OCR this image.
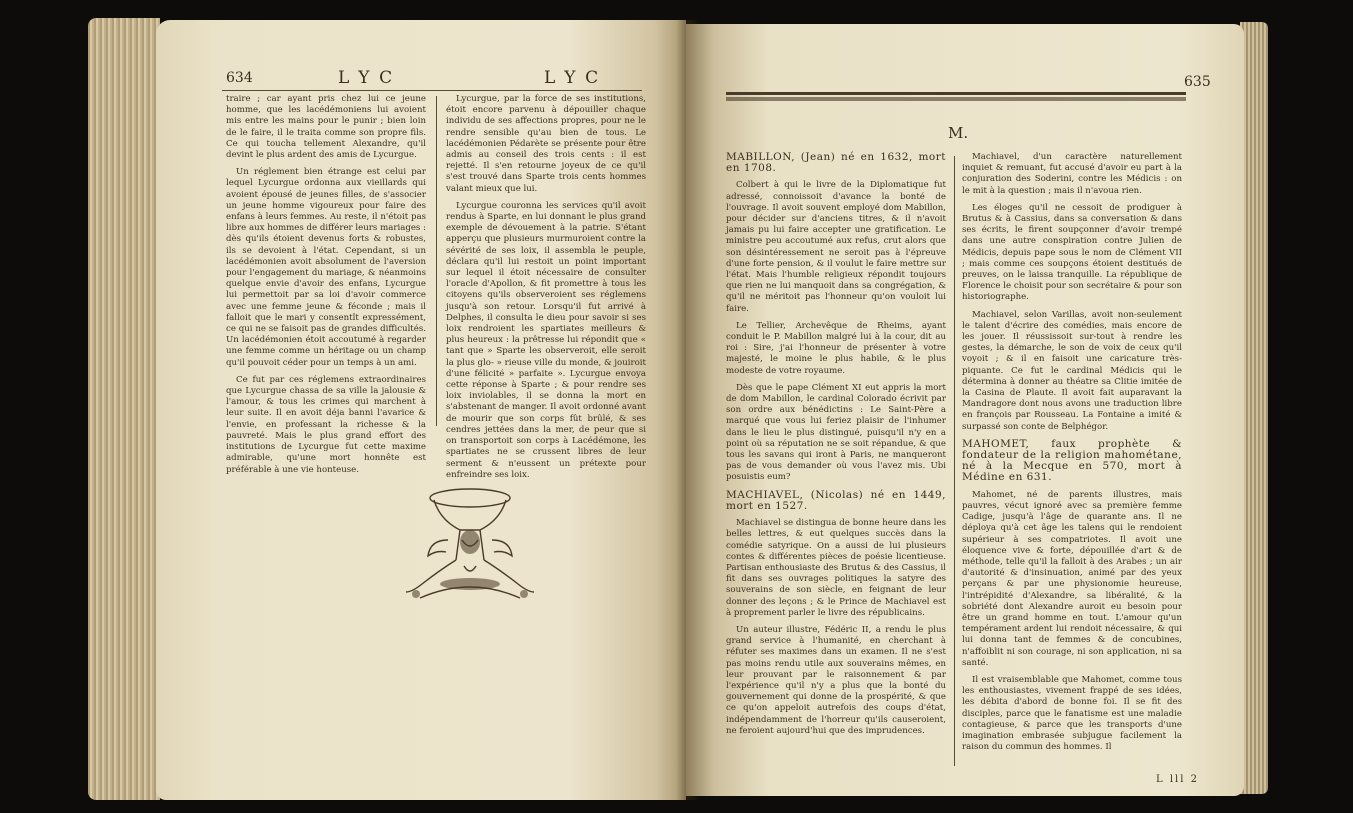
634	LYC	LYC

traire ; car ayant pris chez lui ce jeune homme, que les lacédémoniens lui avoient mis entre les mains pour le punir ; bien loin de le faire, il le traita comme son propre fils. Ce qui toucha tellement Alexandre, qu'il devint le plus ardent des amis de Lycurgue.

Un réglement bien étrange est celui par lequel Lycurgue ordonna aux vieillards qui avoient épousé de jeunes filles, de s'associer un jeune homme vigoureux pour faire des enfans à leurs femmes. Au reste, il n'étoit pas libre aux hommes de différer leurs mariages : dès qu'ils étoient devenus forts & robustes, ils se devoient à l'état. Cependant, si un lacédémonien avoit absolument de l'aversion pour l'engagement du mariage, & néanmoins quelque envie d'avoir des enfans, Lycurgue lui permettoit par sa loi d'avoir commerce avec une femme jeune & féconde ; mais il falloit que le mari y consentît expressément, ce qui ne se faisoit pas de grandes difficultés. Un lacédémonien étoit accoutumé à regarder une femme comme un héritage ou un champ qu'il pouvoit céder pour un temps à un ami.

Ce fut par ces réglemens extraordinaires que Lycurgue chassa de sa ville la jalousie & l'amour, & tous les crimes qui marchent à leur suite. Il en avoit déja banni l'avarice & l'envie, en professant la richesse & la pauvreté. Mais le plus grand effort des institutions de Lycurgue fut cette maxime admirable, qu'une mort honnête est préférable à une vie honteuse.

Lycurgue, par la force de ses institutions, étoit encore parvenu à dépouiller chaque individu de ses affections propres, pour ne le rendre sensible qu'au bien de tous. Le lacédémonien Pédarète se présente pour être admis au conseil des trois cents : il est rejetté. Il s'en retourne joyeux de ce qu'il s'est trouvé dans Sparte trois cents hommes valant mieux que lui.

Lycurgue couronna les services qu'il avoit rendus à Sparte, en lui donnant le plus grand exemple de dévouement à la patrie. S'étant apperçu que plusieurs murmuroient contre la sévérité de ses loix, il assembla le peuple, déclara qu'il lui restoit un point important sur lequel il étoit nécessaire de consulter l'oracle d'Apollon, & fit promettre à tous les citoyens qu'ils observeroient ses réglemens jusqu'à son retour. Lorsqu'il fut arrivé à Delphes, il consulta le dieu pour savoir si ses loix rendroient les spartiates meilleurs & plus heureux : la prêtresse lui répondit que « tant que » Sparte les observeroit, elle seroit la plus glo- » rieuse ville du monde, & jouiroit d'une félicité » parfaite ». Lycurgue envoya cette réponse à Sparte ; & pour rendre ses loix inviolables, il se donna la mort en s'abstenant de manger. Il avoit ordonné avant de mourir que son corps fût brûlé, & ses cendres jettées dans la mer, de peur que si on transportoit son corps à Lacédémone, les spartiates ne se crussent libres de leur serment & n'eussent un prétexte pour enfreindre ses loix.

635
M.
MABILLON, (Jean) né en 1632, mort en 1708.

Colbert à qui le livre de la Diplomatique fut adressé, connoissoit d'avance la bonté de l'ouvrage. Il avoit souvent employé dom Mabillon, pour décider sur d'anciens titres, & il n'avoit jamais pu lui faire accepter une gratification. Le ministre peu accoutumé aux refus, crut alors que son désintéressement ne seroit pas à l'épreuve d'une forte pension, & il voulut le faire mettre sur l'état. Mais l'humble religieux répondit toujours que rien ne lui manquoit dans sa congrégation, & qu'il ne méritoit pas l'honneur qu'on vouloit lui faire.

Le Tellier, Archevêque de Rheims, ayant conduit le P. Mabillon malgré lui à la cour, dit au roi : Sire, j'ai l'honneur de présenter à votre majesté, le moine le plus habile, & le plus modeste de votre royaume.

Dès que le pape Clément XI eut appris la mort de dom Mabillon, le cardinal Colorado écrivit par son ordre aux bénédictins : Le Saint-Père a marqué que vous lui feriez plaisir de l'inhumer dans le lieu le plus distingué, puisqu'il n'y en a point où sa réputation ne se soit répandue, & que tous les savans qui iront à Paris, ne manqueront pas de vous demander où vous l'avez mis. Ubi posuistis eum?

MACHIAVEL, (Nicolas) né en 1449, mort en 1527.

Machiavel se distingua de bonne heure dans les belles lettres, & eut quelques succès dans la comédie satyrique. On a aussi de lui plusieurs contes & différentes pièces de poésie licentieuse. Partisan enthousiaste des Brutus & des Cassius, il fit dans ses ouvrages politiques la satyre des souverains de son siècle, en feignant de leur donner des leçons ; & le Prince de Machiavel est à proprement parler le livre des républicains.

Un auteur illustre, Fédéric II, a rendu le plus grand service à l'humanité, en cherchant à réfuter ses maximes dans un examen. Il ne s'est pas moins rendu utile aux souverains mêmes, en leur prouvant par le raisonnement & par l'expérience qu'il n'y a plus que la bonté du gouvernement qui donne de la prospérité, & que ce qu'on appeloit autrefois des coups d'état, indépendamment de l'horreur qu'ils causeroient, ne feroient aujourd'hui que des imprudences.

Machiavel, d'un caractère naturellement inquiet & remuant, fut accusé d'avoir eu part à la conjuration des Soderini, contre les Médicis : on le mit à la question ; mais il n'avoua rien.

Les éloges qu'il ne cessoit de prodiguer à Brutus & à Cassius, dans sa conversation & dans ses écrits, le firent soupçonner d'avoir trempé dans une autre conspiration contre Julien de Médicis, depuis pape sous le nom de Clément VII ; mais comme ces soupçons étoient destitués de preuves, on le laissa tranquille. La république de Florence le choisit pour son secrétaire & pour son historiographe.

Machiavel, selon Varillas, avoit non-seulement le talent d'écrire des comédies, mais encore de les jouer. Il réussissoit sur-tout à rendre les gestes, la démarche, le son de voix de ceux qu'il voyoit ; & il en faisoit une caricature très-piquante. Ce fut le cardinal Médicis qui le détermina à donner au théatre sa Clitie imitée de la Casina de Plaute. Il avoit fait auparavant la Mandragore dont nous avons une traduction libre en françois par Rousseau. La Fontaine a imité & surpassé son conte de Belphégor.

MAHOMET, faux prophète & fondateur de la religion mahométane, né à la Mecque en 570, mort à Médine en 631.

Mahomet, né de parents illustres, mais pauvres, vécut ignoré avec sa première femme Cadige, jusqu'à l'âge de quarante ans. Il ne déploya qu'à cet âge les talens qui le rendoient supérieur à ses compatriotes. Il avoit une éloquence vive & forte, dépouillée d'art & de méthode, telle qu'il la falloit à des Arabes ; un air d'autorité & d'insinuation, animé par des yeux perçans & par une physionomie heureuse, l'intrépidité d'Alexandre, sa libéralité, & la sobriété dont Alexandre auroit eu besoin pour être un grand homme en tout. L'amour qu'un tempérament ardent lui rendoit nécessaire, & qui lui donna tant de femmes & de concubines, n'affoiblit ni son courage, ni son application, ni sa santé.

Il est vraisemblable que Mahomet, comme tous les enthousiastes, vivement frappé de ses idées, les débita d'abord de bonne foi. Il se fit des disciples, parce que le fanatisme est une maladie contagieuse, & parce que les transports d'une imagination embrasée subjugue facilement la raison du commun des hommes. Il

L lll 2
